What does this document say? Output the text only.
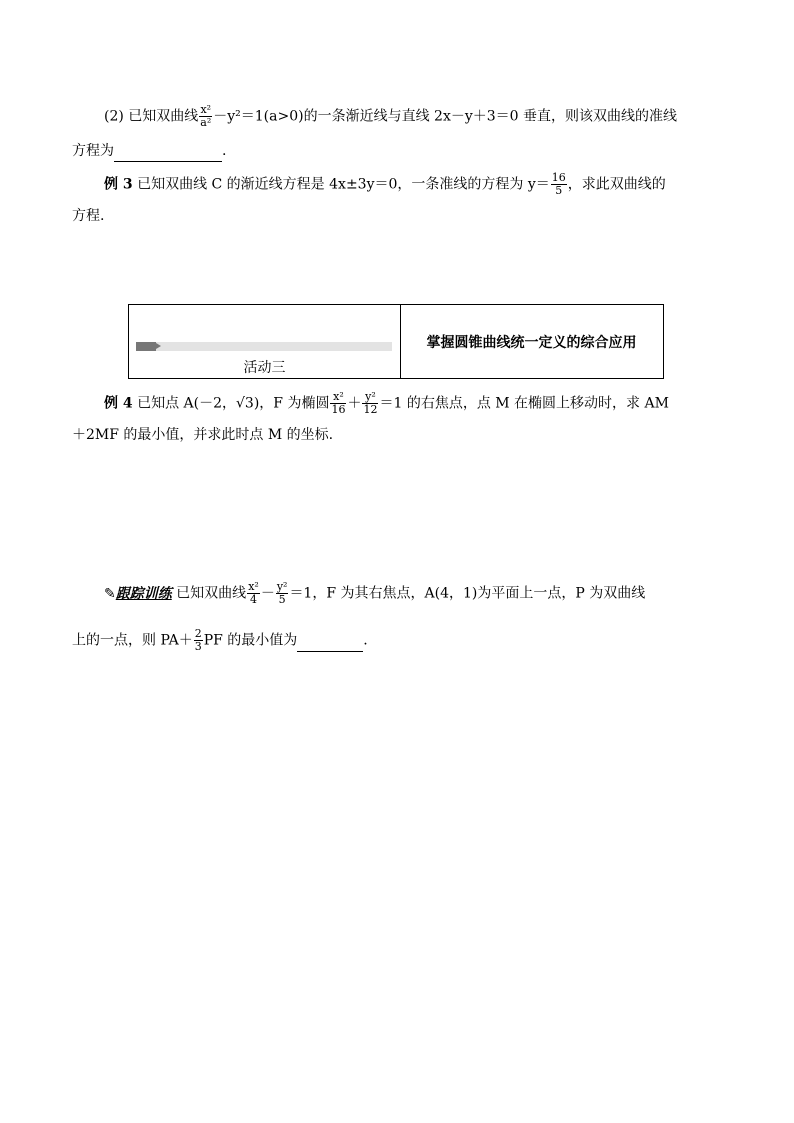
(2) 已知双曲线 $\frac{\text{x²}}{\text{a²}} -y^2=1(a>0)$的一条渐近线与直线 2x－y＋3＝0 垂直，则该双曲线的准线
方程为	.
例 3 已知双曲线 C 的渐近线方程是 4x±3y＝0，一条准线的方程为 $y= \frac{16}{5}$ ，求此双曲线的
方程.
活动三
掌握圆锥曲线统一定义的综合应用
例 4 已知点 A(－2，√3)，F 为椭圆 $\frac{\text{x²}}{16} + \frac{\text{y²}}{12} =1$ 的右焦点，点 M 在椭圆上移动时，求 AM
＋2MF 的最小值，并求此时点 M 的坐标.
✎跟踪训练 已知双曲线 $\frac{\text{x²}}{4} - \frac{\text{y²}}{5} =1$，F 为其右焦点，A(4，1)为平面上一点，P 为双曲线
上的一点，则 $PA+ \frac{2}{3}$ PF 的最小值为	.
